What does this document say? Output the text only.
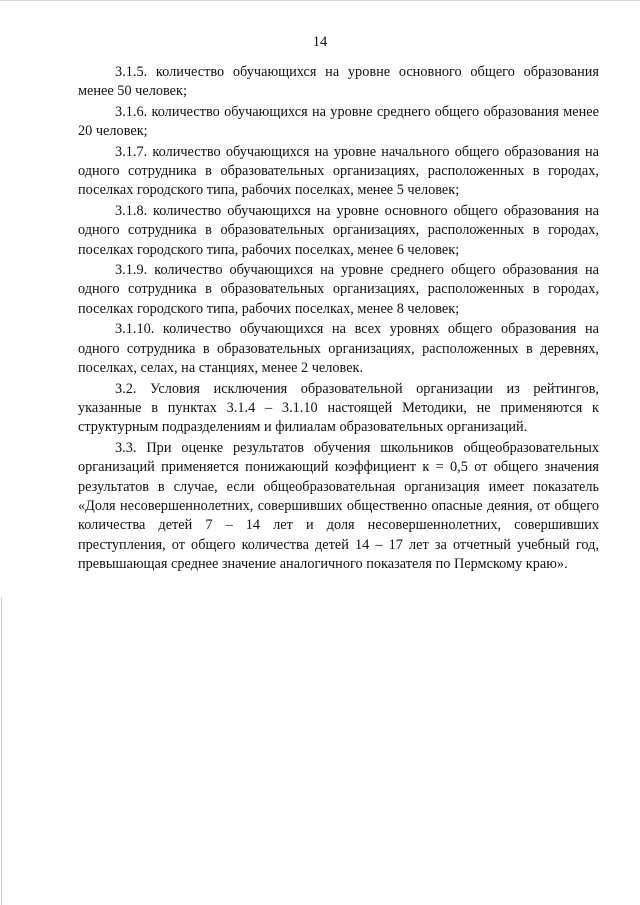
14

3.1.5. количество обучающихся на уровне основного общего образования менее 50 человек;

3.1.6. количество обучающихся на уровне среднего общего образования менее 20 человек;

3.1.7. количество обучающихся на уровне начального общего образования на одного сотрудника в образовательных организациях, расположенных в городах, поселках городского типа, рабочих поселках, менее 5 человек;

3.1.8. количество обучающихся на уровне основного общего образования на одного сотрудника в образовательных организациях, расположенных в городах, поселках городского типа, рабочих поселках, менее 6 человек;

3.1.9. количество обучающихся на уровне среднего общего образования на одного сотрудника в образовательных организациях, расположенных в городах, поселках городского типа, рабочих поселках, менее 8 человек;

3.1.10. количество обучающихся на всех уровнях общего образования на одного сотрудника в образовательных организациях, расположенных в деревнях, поселках, селах, на станциях, менее 2 человек.

3.2. Условия исключения образовательной организации из рейтингов, указанные в пунктах 3.1.4 – 3.1.10 настоящей Методики, не применяются к структурным подразделениям и филиалам образовательных организаций.

3.3. При оценке результатов обучения школьников общеобразовательных организаций применяется понижающий коэффициент к = 0,5 от общего значения результатов в случае, если общеобразовательная организация имеет показатель «Доля несовершеннолетних, совершивших общественно опасные деяния, от общего количества детей 7 – 14 лет и доля несовершеннолетних, совершивших преступления, от общего количества детей 14 – 17 лет за отчетный учебный год, превышающая среднее значение аналогичного показателя по Пермскому краю».
